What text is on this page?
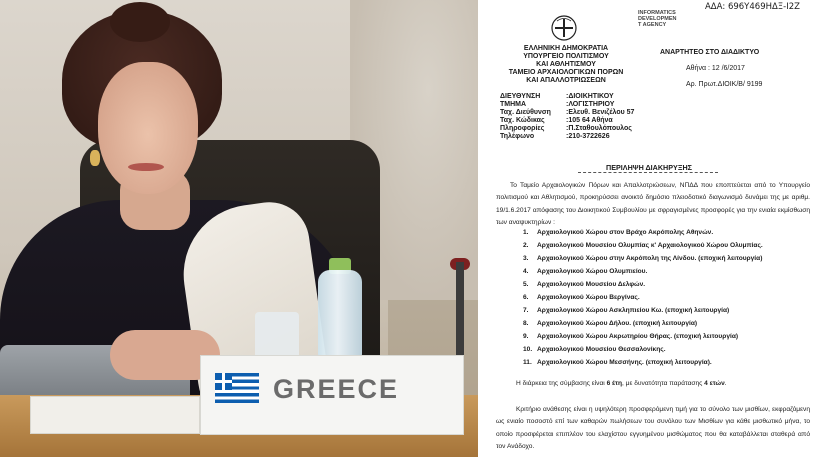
GREECE
ΑΔΑ: 696Υ469ΗΔΞ-Ι2Ζ
ΕΛΛΗΝΙΚΗ ΔΗΜΟΚΡΑΤΙΑ
ΥΠΟΥΡΓΕΙΟ ΠΟΛΙΤΙΣΜΟΥ
ΚΑΙ ΑΘΛΗΤΙΣΜΟΥ
ΤΑΜΕΙΟ ΑΡΧΑΙΟΛΟΓΙΚΩΝ ΠΟΡΩΝ
ΚΑΙ ΑΠΑΛΛΟΤΡΙΩΣΕΩΝ
INFORMATICS
DEVELOPMEN
T AGENCY
ΑΝΑΡΤΗΤΕΟ ΣΤΟ ΔΙΑΔΙΚΤΥΟ
Αθήνα : 12 /6/2017
Αρ. Πρωτ.ΔΙΟΙΚ/Β/ 9199
ΔΙΕΥΘΥΝΣΗ	:ΔΙΟΙΚΗΤΙΚΟΥ
ΤΜΗΜΑ	:ΛΟΓΙΣΤΗΡΙΟΥ
Ταχ. Διεύθυνση :Ελευθ. Βενιζέλου 57
Ταχ. Κώδικας	:105 64 Αθήνα
Πληροφορίες	:Π.Σταθουλόπουλος
Τηλέφωνο	:210-3722626
ΠΕΡΙΛΗΨΗ ΔΙΑΚΗΡΥΞΗΣ
Το Ταμείο Αρχαιολογικών Πόρων και Απαλλοτριώσεων, ΝΠΔΔ που εποπτεύεται από το Υπουργείο πολιτισμού και Αθλητισμού, προκηρύσσει ανοικτό δημόσιο πλειοδοτικό διαγωνισμό δυνάμει της με αριθμ. 19/1.6.2017 απόφασης του Διοικητικού Συμβουλίου με σφραγισμένες προσφορές για την ενιαία εκμίσθωση των αναψυκτηρίων :
1. Αρχαιολογικού Χώρου στον Βράχο Ακρόπολης Αθηνών.
2. Αρχαιολογικού Μουσείου Ολυμπίας κ' Αρχαιολογικού Χώρου Ολυμπίας.
3. Αρχαιολογικού Χώρου στην Ακρόπολη της Λίνδου. (εποχική λειτουργία)
4. Αρχαιολογικού Χώρου Ολυμπιείου.
5. Αρχαιολογικού Μουσείου Δελφών.
6. Αρχαιολογικού Χώρου Βεργίνας.
7. Αρχαιολογικού Χώρου Ασκληπιείου Κω. (εποχική λειτουργία)
8. Αρχαιολογικού Χώρου Δήλου. (εποχική λειτουργία)
9. Αρχαιολογικού Χώρου Ακρωτηρίου Θήρας. (εποχική λειτουργία)
10. Αρχαιολογικού Μουσείου Θεσσαλονίκης.
11. Αρχαιολογικού Χώρου Μεσσήνης. (εποχική λειτουργία).
Η διάρκεια της σύμβασης είναι 6 έτη, με δυνατότητα παράτασης 4 ετών.
Κριτήριο ανάθεσης είναι η υψηλότερη προσφερόμενη τιμή για το σύνολο των μισθίων, εκφραζόμενη ως ενιαίο ποσοστό επί των καθαρών πωλήσεων του συνόλου των Μισθίων για κάθε μισθωτικό μήνα, το οποίο προσφέρεται επιπλέον του ελαχίστου εγγυημένου μισθώματος που θα καταβάλλεται σταθερά από τον Ανάδοχο.
